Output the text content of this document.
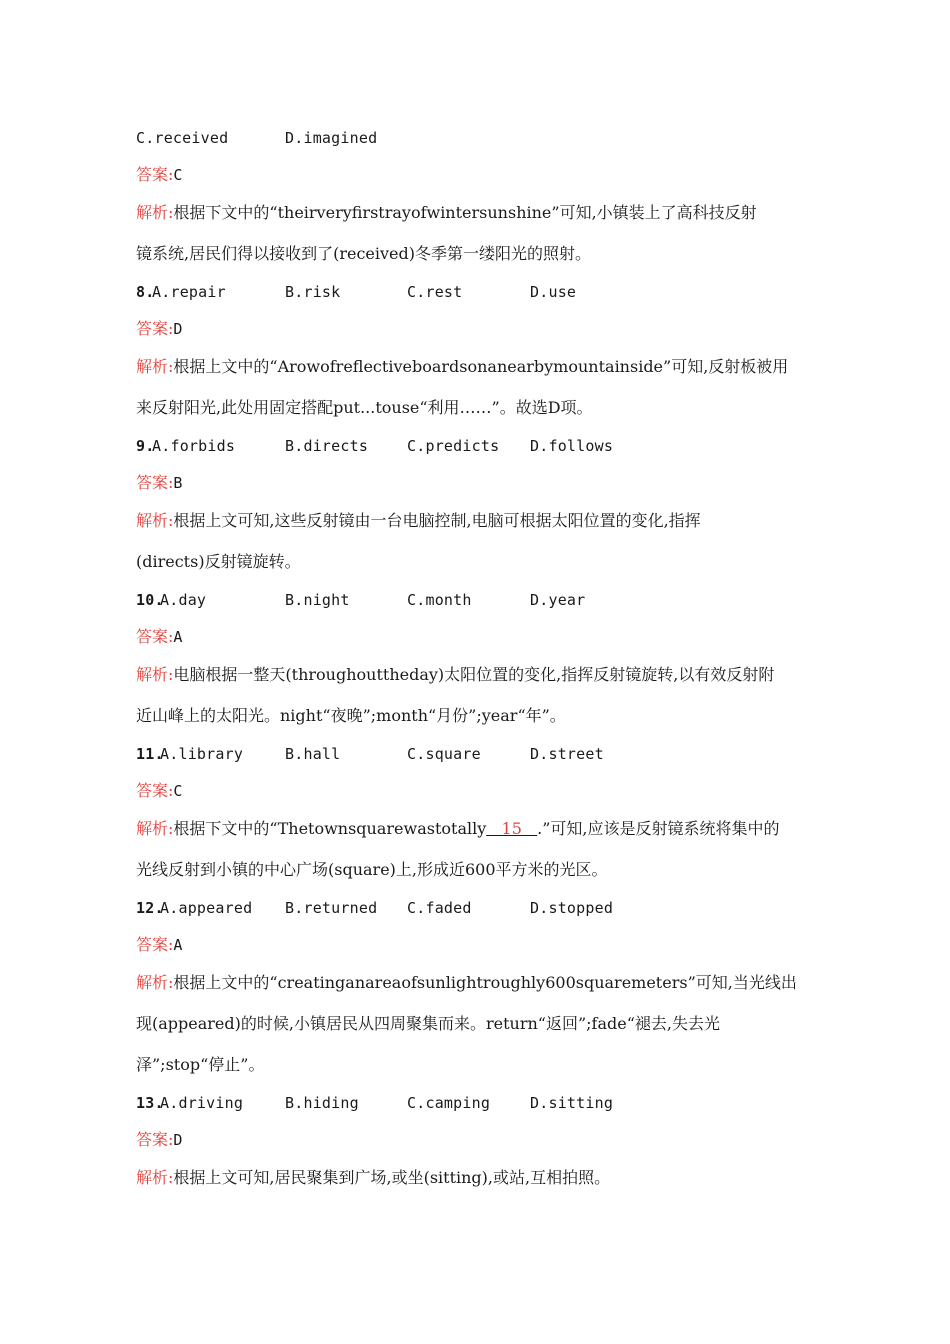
C.received	D.imagined
答案:C
解析:根据下文中的“theirveryfirstrayofwintersunshine”可知,小镇装上了高科技反射
镜系统,居民们得以接收到了(received)冬季第一缕阳光的照射。
8.
A.repair	B.risk	C.rest	D.use
答案:D
解析:根据上文中的“Arowofreflectiveboardsonanearbymountainside”可知,反射板被用
来反射阳光,此处用固定搭配put...touse“利用……”。故选D项。
9.
A.forbids	B.directs	C.predicts D.follows
答案:B
解析:根据上文可知,这些反射镜由一台电脑控制,电脑可根据太阳位置的变化,指挥
(directs)反射镜旋转。
10.
A.day	B.night	C.month	D.year
答案:A
解析:电脑根据一整天(throughouttheday)太阳位置的变化,指挥反射镜旋转,以有效反射附
近山峰上的太阳光。night“夜晚”;month“月份”;year“年”。
11.
A.library	B.hall	C.square	D.street
答案:C
解析:根据下文中的“Thetownsquarewastotally 15 .”可知,应该是反射镜系统将集中的
光线反射到小镇的中心广场(square)上,形成近600平方米的光区。
12.
A.appeared B.returned C.faded	D.stopped
答案:A
解析:根据上文中的“creatinganareaofsunlightroughly600squaremeters”可知,当光线出
现(appeared)的时候,小镇居民从四周聚集而来。return“返回”;fade“褪去,失去光
泽”;stop“停止”。
13.
A.driving	B.hiding	C.camping	D.sitting
答案:D
解析:根据上文可知,居民聚集到广场,或坐(sitting),或站,互相拍照。
